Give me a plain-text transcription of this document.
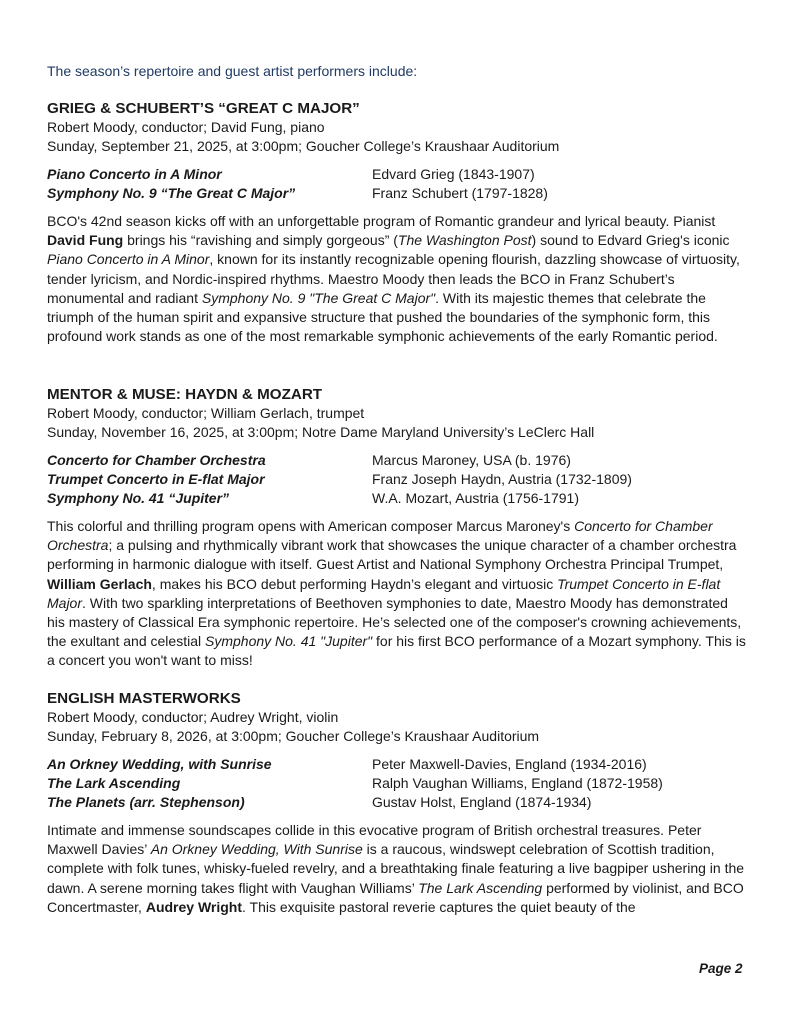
The season’s repertoire and guest artist performers include:
GRIEG & SCHUBERT’S “GREAT C MAJOR”
Robert Moody, conductor; David Fung, piano
Sunday, September 21, 2025, at 3:00pm; Goucher College’s Kraushaar Auditorium
Piano Concerto in A Minor	Edvard Grieg (1843-1907)
Symphony No. 9 “The Great C Major”	Franz Schubert (1797-1828)

BCO's 42nd season kicks off with an unforgettable program of Romantic grandeur and lyrical beauty. Pianist David Fung brings his “ravishing and simply gorgeous” (The Washington Post) sound to Edvard Grieg's iconic Piano Concerto in A Minor, known for its instantly recognizable opening flourish, dazzling showcase of virtuosity, tender lyricism, and Nordic-inspired rhythms. Maestro Moody then leads the BCO in Franz Schubert’s monumental and radiant Symphony No. 9 "The Great C Major". With its majestic themes that celebrate the triumph of the human spirit and expansive structure that pushed the boundaries of the symphonic form, this profound work stands as one of the most remarkable symphonic achievements of the early Romantic period.

MENTOR & MUSE: HAYDN & MOZART
Robert Moody, conductor; William Gerlach, trumpet
Sunday, November 16, 2025, at 3:00pm; Notre Dame Maryland University’s LeClerc Hall
Concerto for Chamber Orchestra	Marcus Maroney, USA (b. 1976)
Trumpet Concerto in E-flat Major	Franz Joseph Haydn, Austria (1732-1809)
Symphony No. 41 “Jupiter”	W.A. Mozart, Austria (1756-1791)

This colorful and thrilling program opens with American composer Marcus Maroney's Concerto for Chamber Orchestra; a pulsing and rhythmically vibrant work that showcases the unique character of a chamber orchestra performing in harmonic dialogue with itself. Guest Artist and National Symphony Orchestra Principal Trumpet, William Gerlach, makes his BCO debut performing Haydn’s elegant and virtuosic Trumpet Concerto in E-flat Major. With two sparkling interpretations of Beethoven symphonies to date, Maestro Moody has demonstrated his mastery of Classical Era symphonic repertoire. He’s selected one of the composer's crowning achievements, the exultant and celestial Symphony No. 41 "Jupiter" for his first BCO performance of a Mozart symphony. This is a concert you won't want to miss!

ENGLISH MASTERWORKS
Robert Moody, conductor; Audrey Wright, violin
Sunday, February 8, 2026, at 3:00pm; Goucher College’s Kraushaar Auditorium
An Orkney Wedding, with Sunrise	Peter Maxwell-Davies, England (1934-2016)
The Lark Ascending	Ralph Vaughan Williams, England (1872-1958)
The Planets (arr. Stephenson)	Gustav Holst, England (1874-1934)

Intimate and immense soundscapes collide in this evocative program of British orchestral treasures. Peter Maxwell Davies’ An Orkney Wedding, With Sunrise is a raucous, windswept celebration of Scottish tradition, complete with folk tunes, whisky-fueled revelry, and a breathtaking finale featuring a live bagpiper ushering in the dawn. A serene morning takes flight with Vaughan Williams’ The Lark Ascending performed by violinist, and BCO Concertmaster, Audrey Wright. This exquisite pastoral reverie captures the quiet beauty of the

Page 2
